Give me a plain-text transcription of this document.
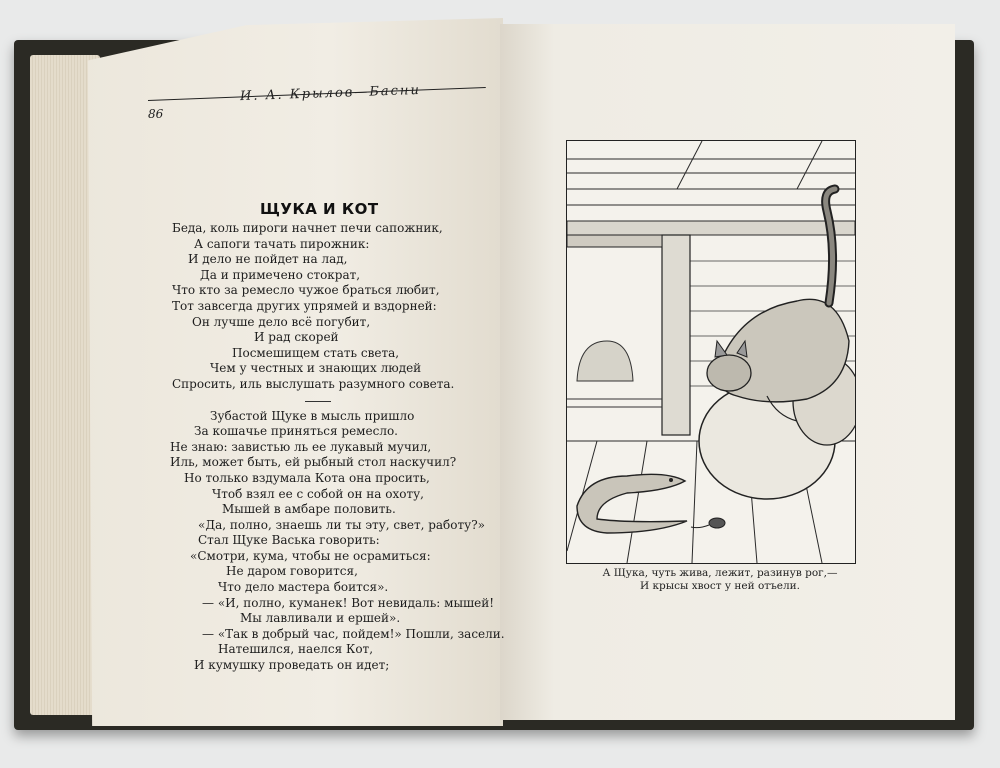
И. А. Крылов—Басни
86
ЩУКА И КОТ
Беда, коль пироги начнет печи сапожник,
А сапоги тачать пирожник:
И дело не пойдет на лад,
Да и примечено стократ,
Что кто за ремесло чужое браться любит,
Тот завсегда других упрямей и вздорней:
Он лучше дело всё погубит,
И рад скорей
Посмешищем стать света,
Чем у честных и знающих людей
Спросить, иль выслушать разумного совета.
Зубастой Щуке в мысль пришло
За кошачье приняться ремесло.
Не знаю: завистью ль ее лукавый мучил,
Иль, может быть, ей рыбный стол наскучил?
Но только вздумала Кота она просить,
Чтоб взял ее с собой он на охоту,
Мышей в амбаре половить.
«Да, полно, знаешь ли ты эту, свет, работу?»
Стал Щуке Васька говорить:
«Смотри, кума, чтобы не осрамиться:
Не даром говорится,
Что дело мастера боится».
— «И, полно, куманек! Вот невидаль: мышей!
Мы лавливали и ершей».
— «Так в добрый час, пойдем!» Пошли, засели.
Натешился, наелся Кот,
И кумушку проведать он идет;
А Щука, чуть жива, лежит, разинув рог,—
И крысы хвост у ней отъели.
